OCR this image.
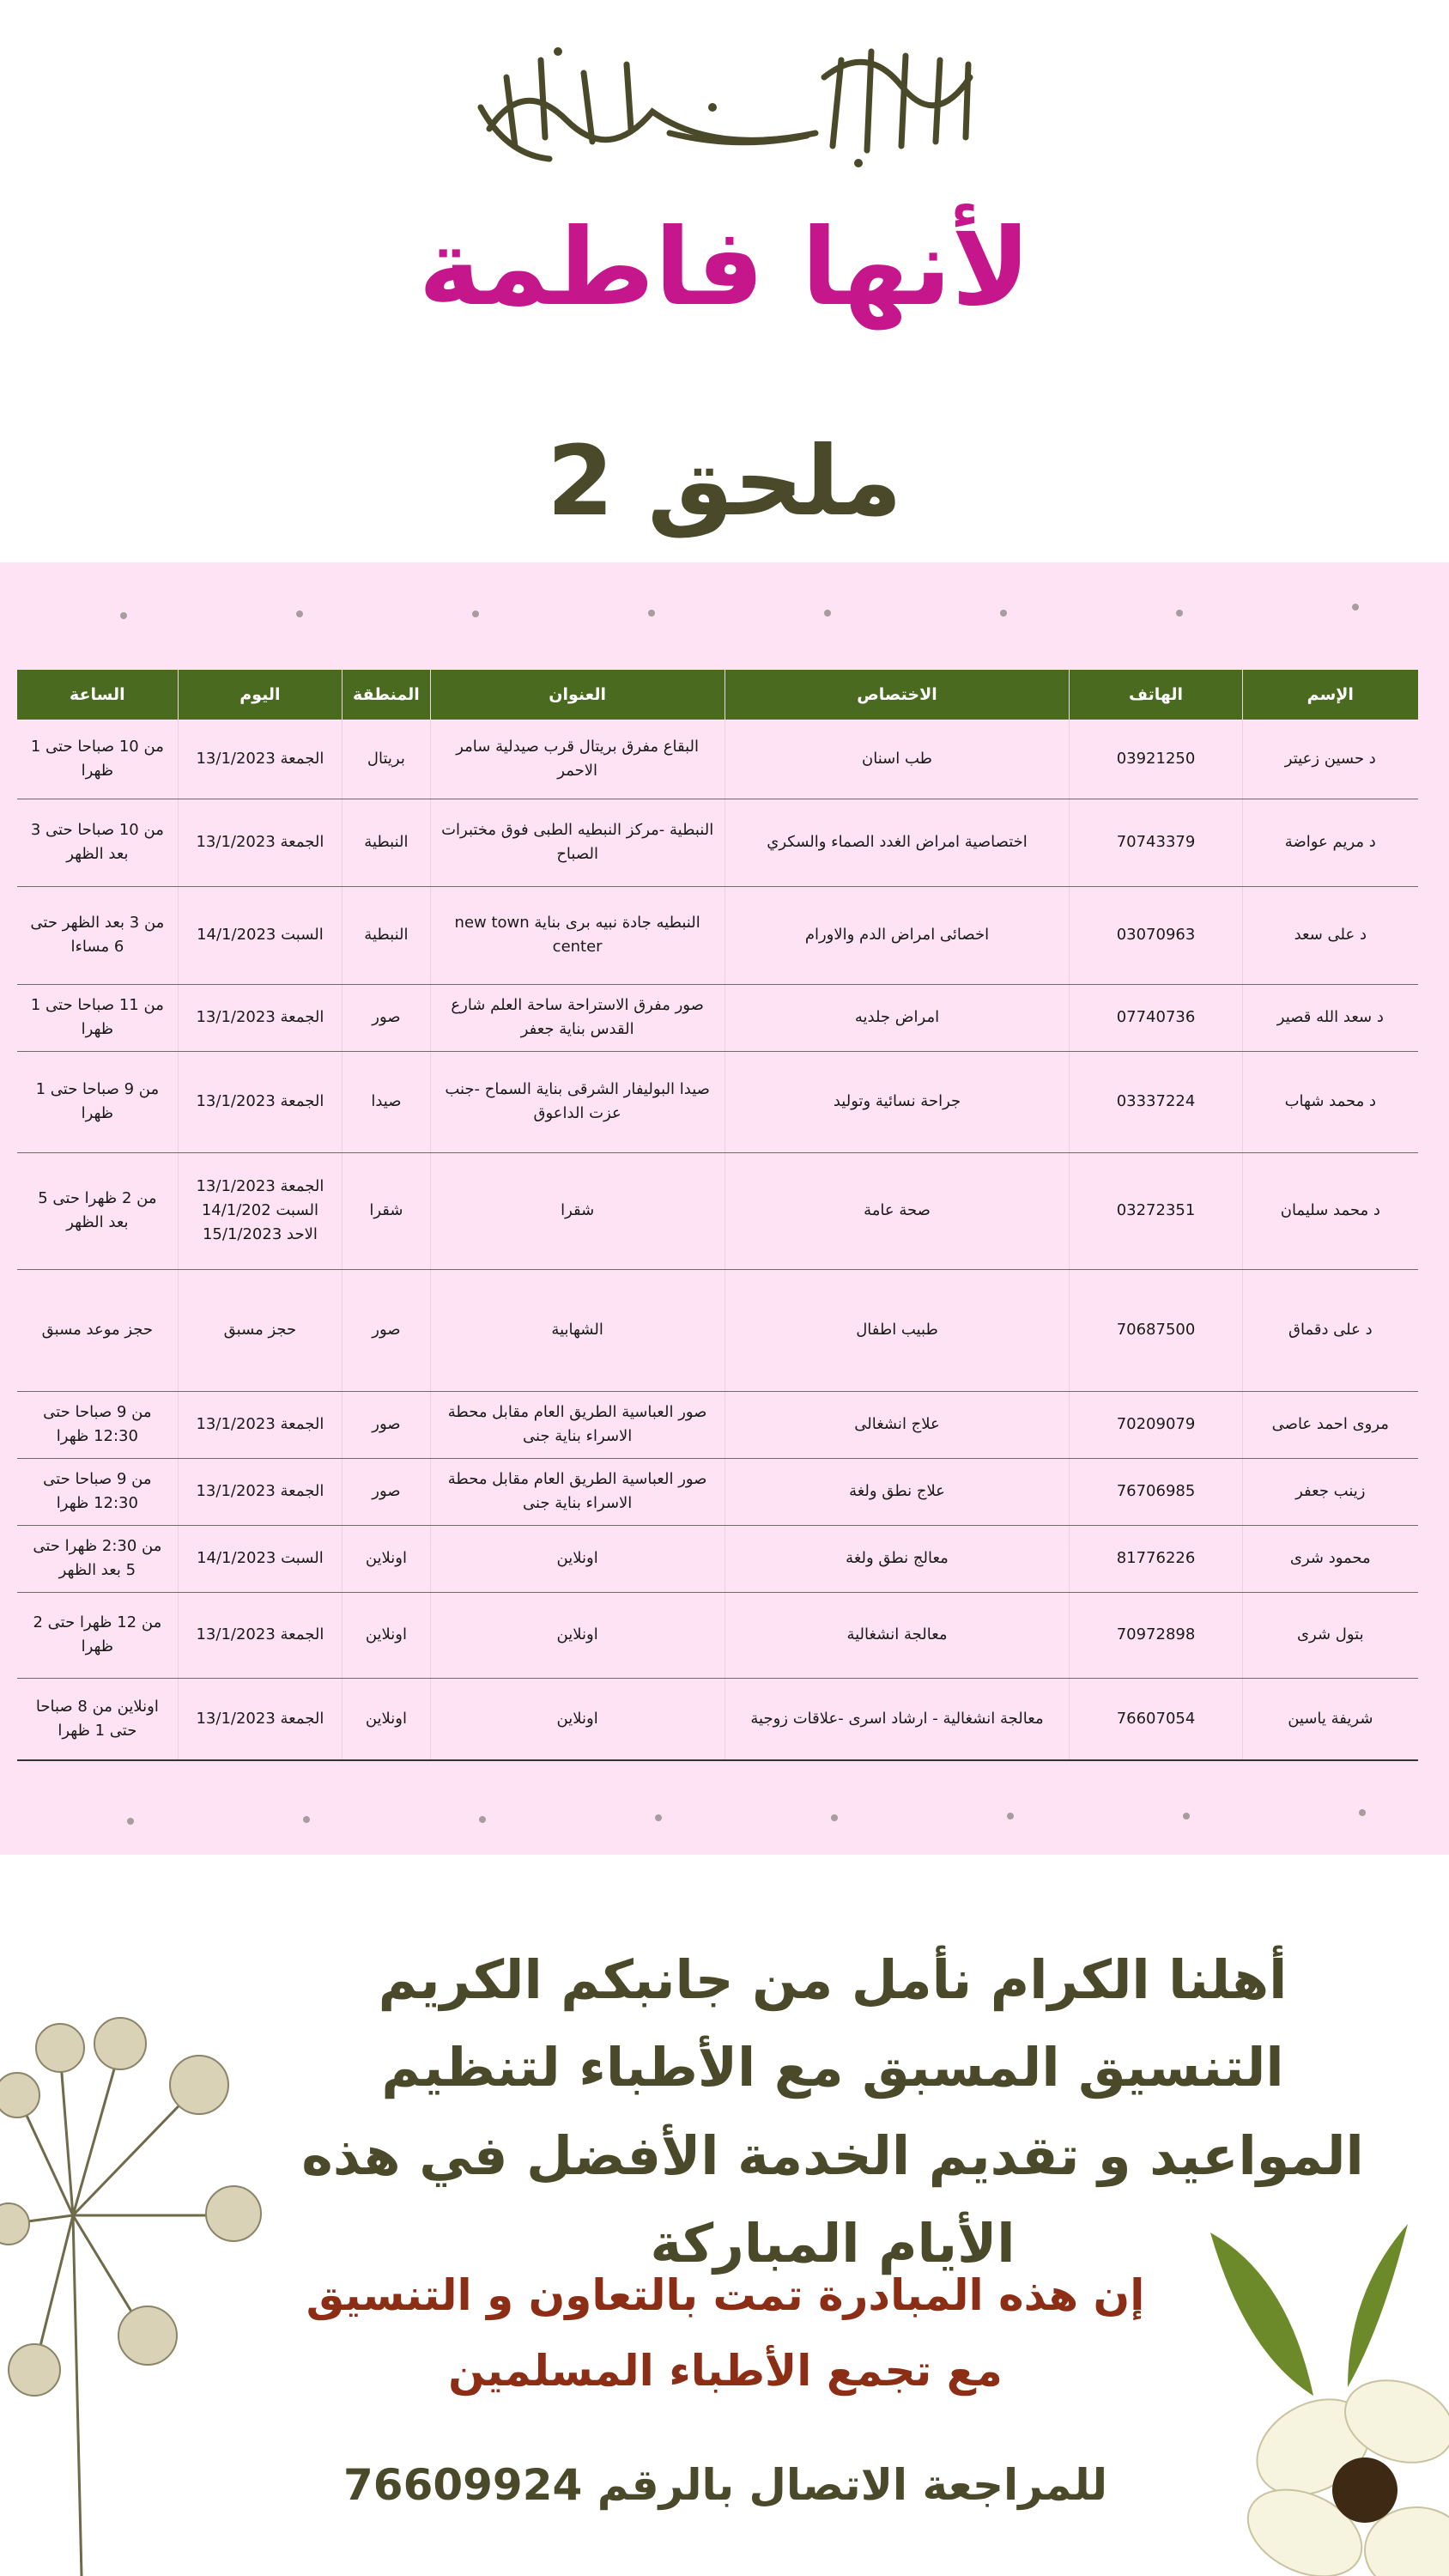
لأنها فاطمة
ملحق 2
الإسم	الهاتف	الاختصاص	العنوان	المنطقة	اليوم	الساعة
د حسين زعيتر	03921250	طب اسنان	البقاع مفرق بريتال قرب صيدلية سامر الاحمر	بريتال	الجمعة 13/1/2023	من 10 صباحا حتى 1 ظهرا
د مريم عواضة	70743379	اختصاصية امراض الغدد الصماء والسكري	النبطية -مركز النبطيه الطبى فوق مختبرات الصباح	النبطية	الجمعة 13/1/2023	من 10 صباحا حتى 3 بعد الظهر
د على سعد	03070963	اخصائى امراض الدم والاورام	النبطيه جادة نبيه برى بناية new town center	النبطية	السبت 14/1/2023	من 3 بعد الظهر حتى 6 مساءا
د سعد الله قصير	07740736	امراض جلديه	صور مفرق الاستراحة ساحة العلم شارع القدس بناية جعفر	صور	الجمعة 13/1/2023	من 11 صباحا حتى 1 ظهرا
د محمد شهاب	03337224	جراحة نسائية وتوليد	صيدا البوليفار الشرقى بناية السماح -جنب عزت الداعوق	صيدا	الجمعة 13/1/2023	من 9 صباحا حتى 1 ظهرا
د محمد سليمان	03272351	صحة عامة	شقرا	شقرا	الجمعة 13/1/2023 السبت 14/1/202 الاحد 15/1/2023	من 2 ظهرا حتى 5 بعد الظهر
د على دقماق	70687500	طبيب اطفال	الشهابية	صور	حجز مسبق	حجز موعد مسبق
مروى احمد عاصى	70209079	علاج انشغالى	صور العباسية الطريق العام مقابل محطة الاسراء بناية جنى	صور	الجمعة 13/1/2023	من 9 صباحا حتى 12:30 ظهرا
زينب جعفر	76706985	علاج نطق ولغة	صور العباسية الطريق العام مقابل محطة الاسراء بناية جنى	صور	الجمعة 13/1/2023	من 9 صباحا حتى 12:30 ظهرا
محمود شرى	81776226	معالج نطق ولغة	اونلاين	اونلاين	السبت 14/1/2023	من 2:30 ظهرا حتى 5 بعد الظهر
بتول شرى	70972898	معالجة انشغالية	اونلاين	اونلاين	الجمعة 13/1/2023	من 12 ظهرا حتى 2 ظهرا
شريفة ياسين	76607054	معالجة انشغالية - ارشاد اسرى -علاقات زوجية	اونلاين	اونلاين	الجمعة 13/1/2023	اونلاين من 8 صباحا حتى 1 ظهرا
أهلنا الكرام نأمل من جانبكم الكريم التنسيق المسبق مع الأطباء لتنظيم المواعيد و تقديم الخدمة الأفضل في هذه الأيام المباركة
إن هذه المبادرة تمت بالتعاون و التنسيق مع تجمع الأطباء المسلمين
للمراجعة الاتصال بالرقم 76609924
